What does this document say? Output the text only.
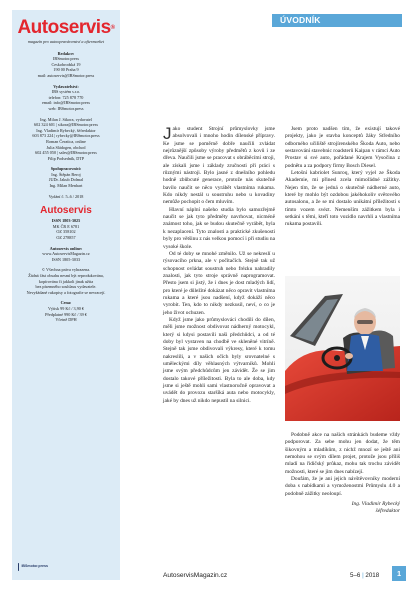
Autoservis®
magazín pro autoopravárenství a aftermarket
Redakce:
IBSmotor.press
Ceskobrodská 19
190 00 Praha 9
mail: autoservis@IBSmotor.press
Vydavatelství:
IBS systém s.r.o.
telefon: 725 878 770
email: info@IBSmotor.press
web: IBSmotor.press
Ing. Milan J. Sikora, vydavatel
602 324 601 | sikora@IBSmotor.press
Ing. Vladimír Rybecký, šéfredaktor
603 873 224 | rybecky@IBSmotor.press
Roman Čeratica, online
Julia Sládogen, obchod
602 455 050 | sales@IBSmotor.press
Filip Podsedník, DTP
Spolupracovníci:
Ing. Štěpán Beroj
JUDr. Jakub Dolmal
Ing. Milan Menhart
Vydání č. 5–6 / 2018
Autoservis
ISSN 1803-3025
MK ČR E 6781
OZ 358102
OZ 278857
Autoservis online:
www.AutoservisMagazin.cz
ISSN 1805-3033
© Všechna práva vyhrazena.
Žádná část obsahu nesmí být reprodukována,
kopírována či jakkoli jinak užita
bez písemného souhlasu vydavatele.
Nevyžádané rukopisy a fotografie se nevracejí.
Cena:
Výtisk 99 Kč / 3,90 €
Předplatné 990 Kč / 39 €
Včetně DPH
IBSmotor.press
ÚVODNÍK

Jako student Strojní průmyslovky jsme absolvovali i mnoho hodin dílenské přípravy. Ke jsme se poměrně dobře naučili zvládat nejrůznější způsoby výroby předmětů z kovů i ze dřeva. Naučili jsme se pracovat s obráběcími stroji, ale získali jsme i základy zručnosti při práci s různými nástroji. Bylo jasné z dnešního pohledu hodně zbůbcuté generace, protože nás skutečně bavilo naučit se něco vyrábět vlastníma rukama. Kdo nikdy nestál u soustruhu nebo u kovadiny nemůže pochopit o čem mluvím.

Hlavní náplní našeho studia bylo samozřejmě naučit se jak tyto předměty navrhovat, nicméně známost toho, jak se budou skutečně vyrábět, byla k nezaplacení. Tyto znalosti a praktické zkušenosti byly pro většinu z nás velkou pomocí i při studiu na vysoké škole.

Od té doby se mnohé změnilo. Už se nekreslí u rýsovacího prkna, ale v počítačích. Stejně tak už schopnost ovládat soustruh nebo frézku nahradily znalosti, jak tyto stroje správně naprogramovat. Přesto jsem si jistý, že i dnes je dost mladých lidí, pro které je důležité dokázat něco opravit vlastníma rukama a které jsou nadšení, když dokáží něco vyrobit. Ten, kdo to nikdy nezkusil, neví, o co je jeho život ochuzen.

Když jsme jako průmyslováci chodili do dílen, měli jsme možnost obdivovat nádherný motocykl, který si kdysi postavili naši předchůdci, a od té doby byl vystaven na chodbě ve skleněné vitríně. Stejně tak jsme obdivovali výkresy, které k tomu nakreslili, a v našich očích byly srovnatelné s uměleckými díly věhlasných výtvarníků. Mohli jsme svým předchůdcům jen závidět. Že se jim dostalo takové příležitosti. Byla to ale doba, kdy jsme si ještě mohli sami vlastnoručně opravovat a uvádět do provozu staršíká auta nebo motocykly, jaké by dnes už nikdo nepustil na silnici.

Jsem proto nadšen tím, že existují takové projekty, jako je stavba konceptů žáky Středního odborného učiliště strojírenského Škoda Auto, nebo sestavování stavebnic roadsterů Kaipan v rámci Auto Prostav si své auto, pořádané Krajem Vysočina z podnětu a za podpory firmy Bosch Diesel.

Letošní kabriolet Sunroq, který vyjel ze Škoda Akademie, mi přinesl zcela mimořádné zážitky. Nejen tím, že se jedná o skutečně nádherné auto, které by mohlo být ozdobou jakéhokoliv světového autosalonu, a že se mi dostalo unikátní příležitosti s tímto vozem svézt. Nemenším zážitkem byla i setkání s těmi, kteří toto vozidlo navrhli a vlastníma rukama postavili.

Podobně akce na našich stránkách budeme vždy podporovat. Za sebe mohu jen dodat, že těm šikovným a mladíkům, z nichž mnozí se ještě ani nemohou se svým dílem projet, protože jsou příliš mladí na řidičský průkaz, mohu tak trochu závidět možnosti, které se jim dnes nabízejí.

Doufám, že je ani jejich návštěvovníky moderní doba s nabídkami a vymoženostmi Průmyslu 4.0 a podobně zážitky neoloupí.

Ing. Vladimír Rybecký
šéfredaktor

AutoservisMagazin.cz	5–6 | 2018	1
